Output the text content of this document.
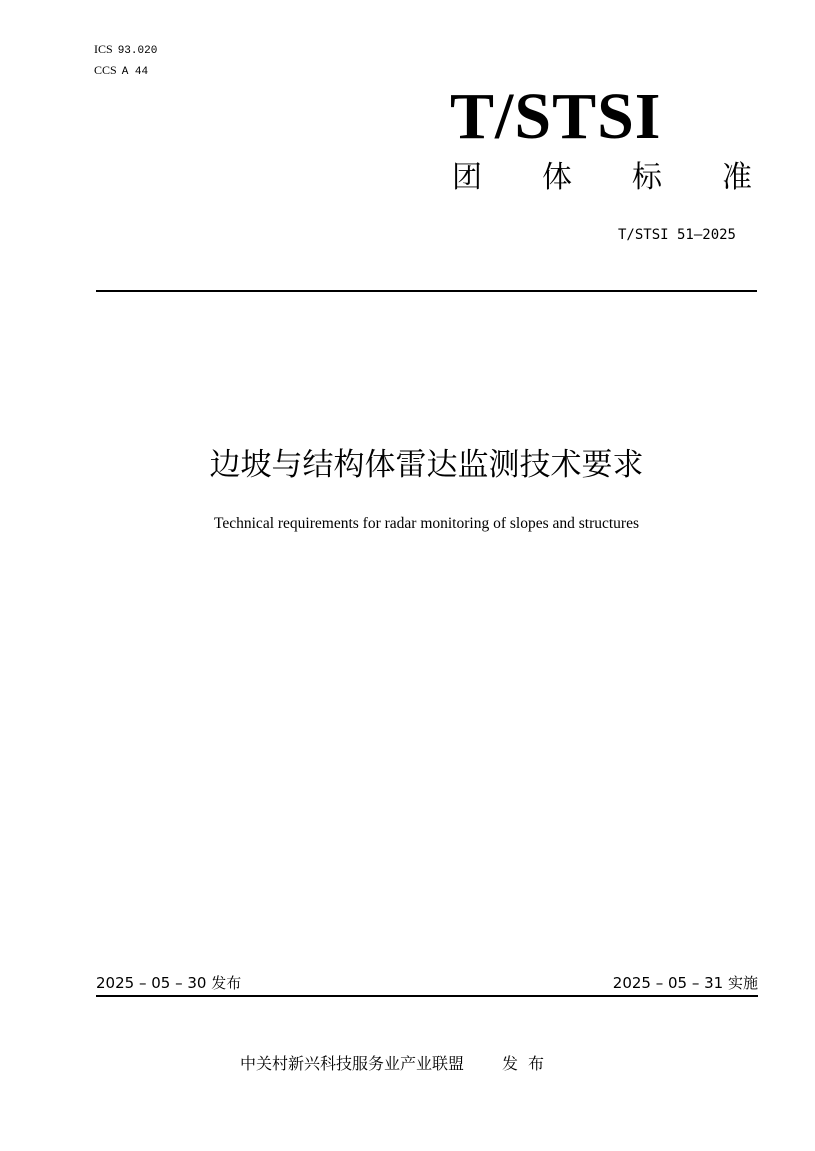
ICS 93.020
CCS A 44
T/STSI
团 体 标 准
T/STSI 51—2025
边坡与结构体雷达监测技术要求
Technical requirements for radar monitoring of slopes and structures
2025 – 05 – 30 发布	2025 – 05 – 31 实施
中关村新兴科技服务业产业联盟 发布
